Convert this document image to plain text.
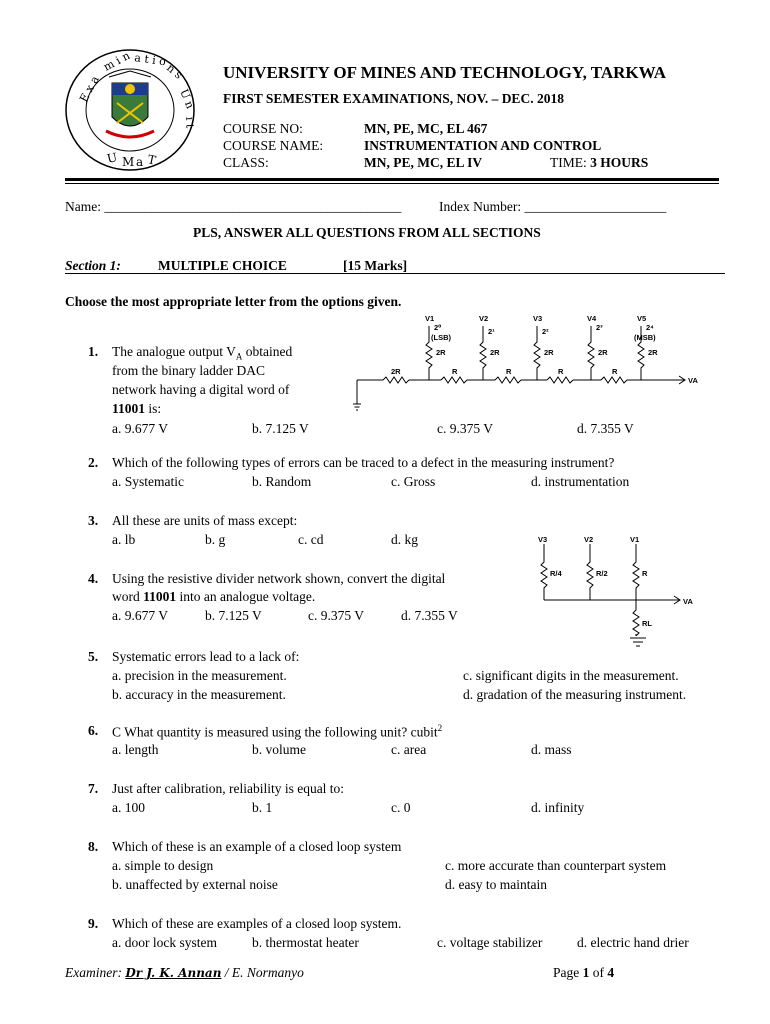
E x a
m i n a t i o
n s
U n
i t
U M a T
UNIVERSITY OF MINES AND TECHNOLOGY, TARKWA
FIRST SEMESTER EXAMINATIONS, NOV. – DEC. 2018
COURSE NO:	MN, PE, MC, EL 467
COURSE NAME:	INSTRUMENTATION AND CONTROL
CLASS:	MN, PE, MC, EL IV	TIME: 3 HOURS
Name: ____________________________________________	Index Number: _____________________
PLS, ANSWER ALL QUESTIONS FROM ALL SECTIONS
Section 1:	MULTIPLE CHOICE	[15 Marks]
Choose the most appropriate letter from the options given.
1. The analogue output $V_A$ obtained
from the binary ladder DAC
network having a digital word of
11001 is:
a. 9.677 V	b. 7.125 V	c. 9.375 V	d. 7.355 V
V1	V2	V3	V4	V5
2⁰
(LSB)
2¹	2²	2³	2⁴
(MSB)
2R	2R	2R	2R	2R
2R	R	R	R	R
VA
2. Which of the following types of errors can be traced to a defect in the measuring instrument?
a. Systematic	b. Random	c. Gross	d. instrumentation
3. All these are units of mass except:
a. lb	b. g	c. cd	d. kg	V3	V2	V1
R/4	R/2	R
RL
VA
4. Using the resistive divider network shown, convert the digital
word 11001 into an analogue voltage.
a. 9.677 V	b. 7.125 V	c. 9.375 V	d. 7.355 V
5. Systematic errors lead to a lack of:
a. precision in the measurement.
b. accuracy in the measurement.
c. significant digits in the measurement.
d. gradation of the measuring instrument.
6. C What quantity is measured using the following unit? cubit$^2$
a. length	b. volume	c. area	d. mass
7. Just after calibration, reliability is equal to:
a. 100	b. 1	c. 0	d. infinity
8. Which of these is an example of a closed loop system
a. simple to design
b. unaffected by external noise
c. more accurate than counterpart system
d. easy to maintain
9. Which of these are examples of a closed loop system.
a. door lock system	b. thermostat heater	c. voltage stabilizer	d. electric hand drier
Examiner: Dr J. K. Annan / E. Normanyo	Page 1 of 4
